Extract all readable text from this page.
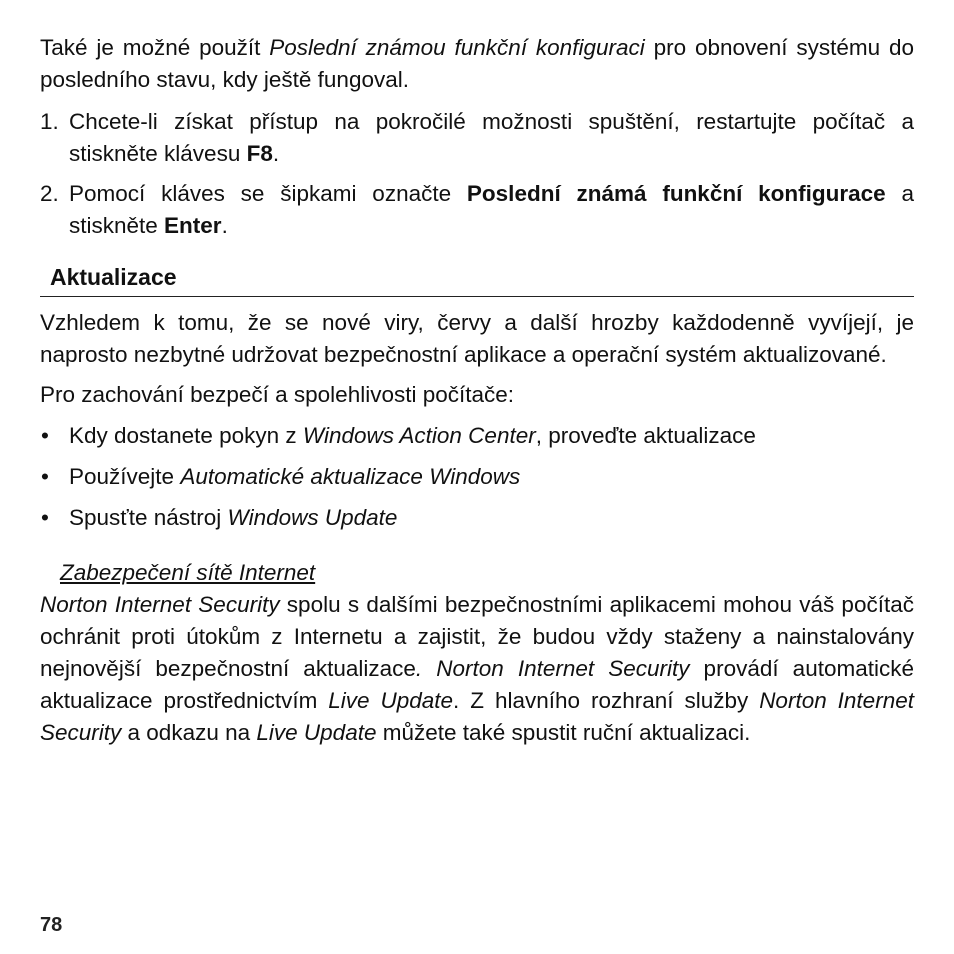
Také je možné použít Poslední známou funkční konfiguraci pro obnovení systému do posledního stavu, kdy ještě fungoval.

1. Chcete-li získat přístup na pokročilé možnosti spuštění, restartujte počítač a stiskněte klávesu F8.
2. Pomocí kláves se šipkami označte Poslední známá funkční konfigurace a stiskněte Enter.
Aktualizace

Vzhledem k tomu, že se nové viry, červy a další hrozby každodenně vyvíjejí, je naprosto nezbytné udržovat bezpečnostní aplikace a operační systém aktualizované.

Pro zachování bezpečí a spolehlivosti počítače:

• Kdy dostanete pokyn z Windows Action Center, proveďte aktualizace
• Používejte Automatické aktualizace Windows
• Spusťte nástroj Windows Update
Zabezpečení sítě Internet

Norton Internet Security spolu s dalšími bezpečnostními aplikacemi mohou váš počítač ochránit proti útokům z Internetu a zajistit, že budou vždy staženy a nainstalovány nejnovější bezpečnostní aktualizace. Norton Internet Security provádí automatické aktualizace prostřednictvím Live Update. Z hlavního rozhraní služby Norton Internet Security a odkazu na Live Update můžete také spustit ruční aktualizaci.

78
